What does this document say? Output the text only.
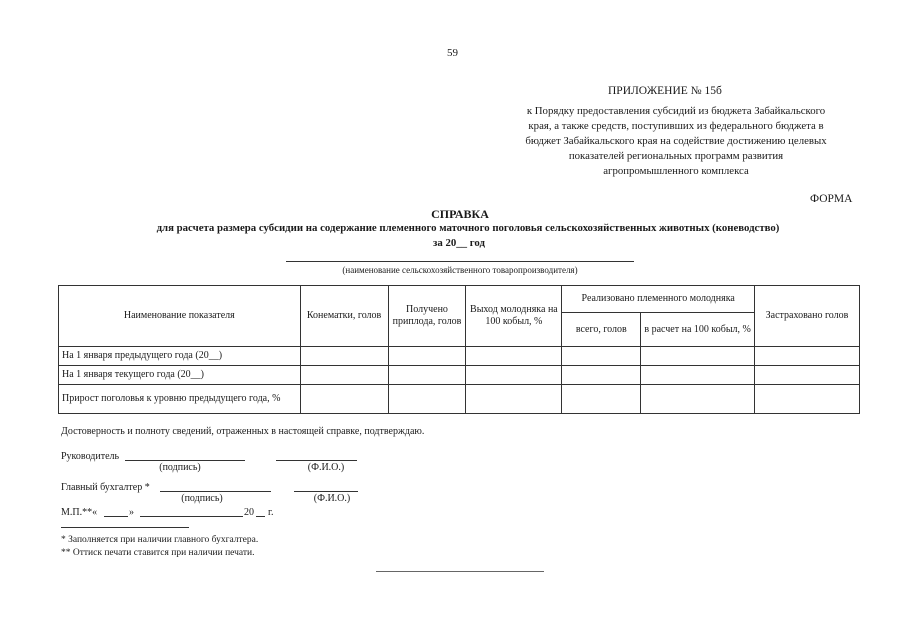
59
ПРИЛОЖЕНИЕ № 15б
к Порядку предоставления субсидий из бюджета Забайкальского
края, а также средств, поступивших из федерального бюджета в
бюджет Забайкальского края на содействие достижению целевых
показателей региональных программ развития
агропромышленного комплекса
ФОРМА
СПРАВКА
для расчета размера субсидии на содержание племенного маточного поголовья сельскохозяйственных животных (коневодство)
за 20__ год
(наименование сельскохозяйственного товаропроизводителя)
Наименование показателя	Конематки, голов	Получено приплода, голов	Выход молодняка на 100 кобыл, %	Реализовано племенного молодняка		Застраховано голов
				всего, голов	в расчет на 100 кобыл, %	
На 1 января предыдущего года (20__)						
На 1 января текущего года (20__)						
Прирост поголовья к уровню предыдущего года, %						
Достоверность и полноту сведений, отраженных в настоящей справке, подтверждаю.
Руководитель
(подпись)	(Ф.И.О.)
Главный бухгалтер *
(подпись)	(Ф.И.О.)
М.П.**«	»	20 г.
* Заполняется при наличии главного бухгалтера.
** Оттиск печати ставится при наличии печати.
